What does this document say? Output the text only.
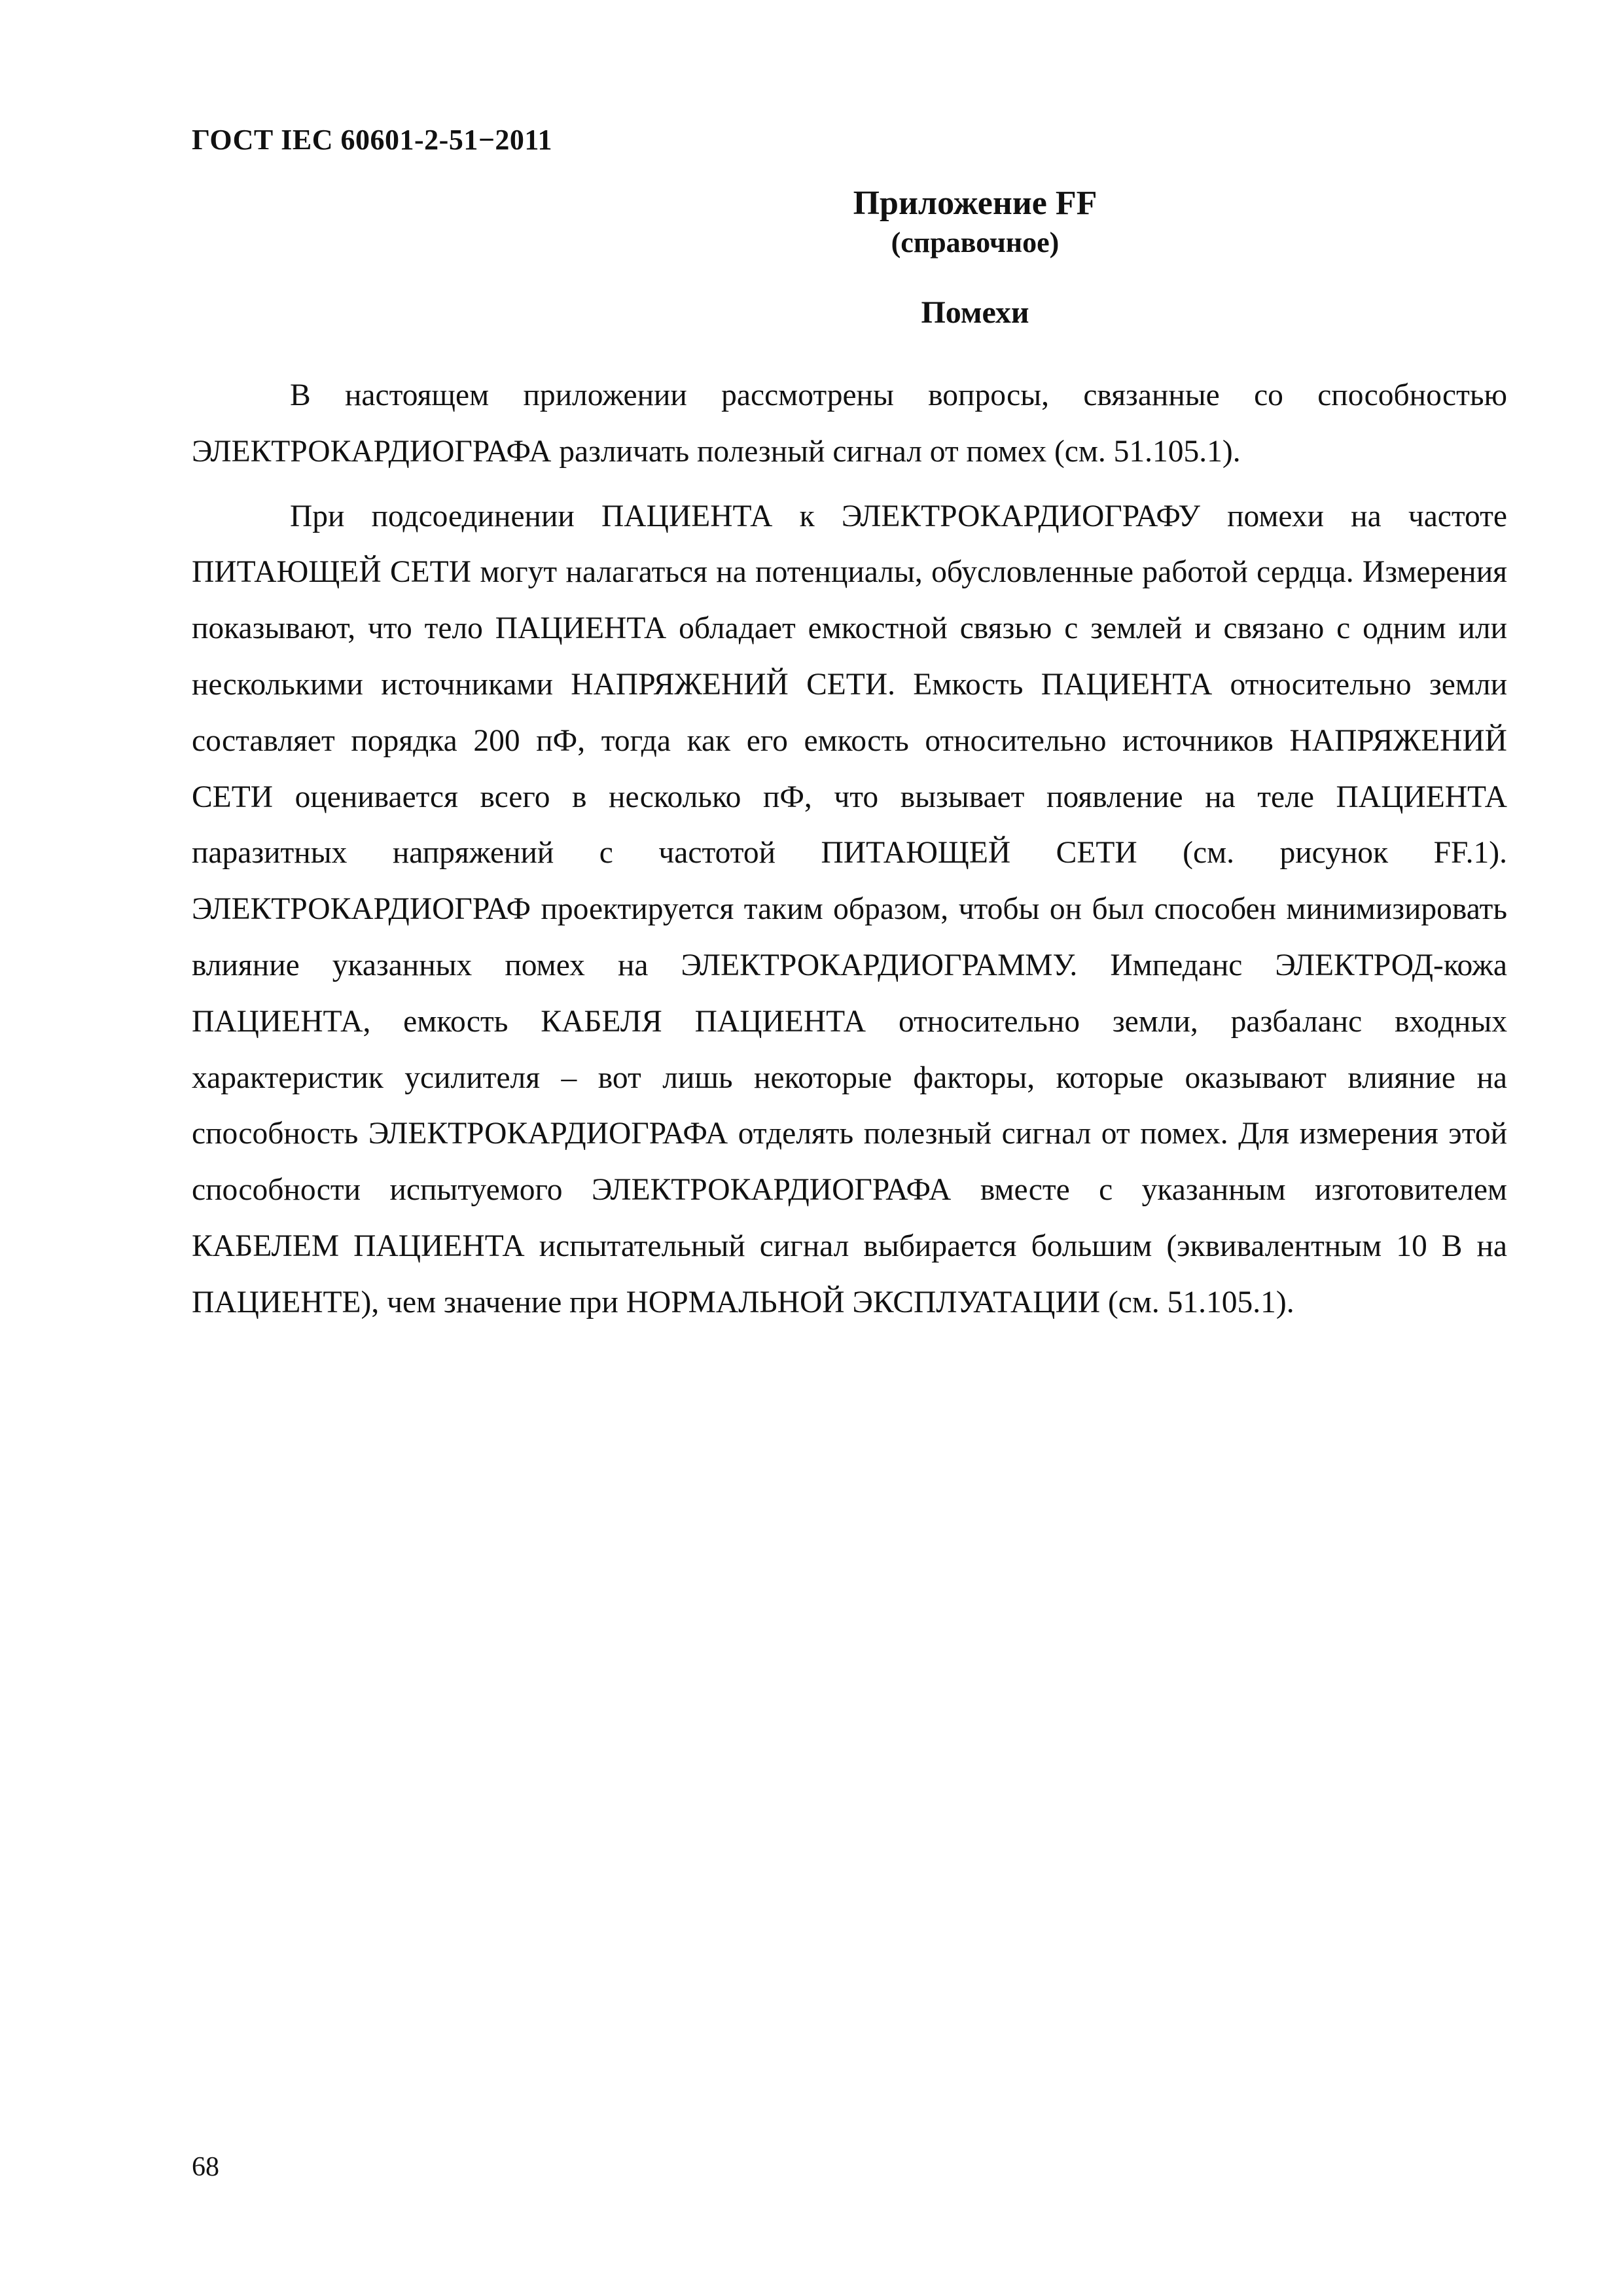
ГОСТ IEC 60601-2-51−2011
Приложение FF
(справочное)
Помехи

В настоящем приложении рассмотрены вопросы, связанные со способностью ЭЛЕКТРОКАРДИОГРАФА различать полезный сигнал от помех (см. 51.105.1).

При подсоединении ПАЦИЕНТА к ЭЛЕКТРОКАРДИОГРАФУ помехи на частоте ПИТАЮЩЕЙ СЕТИ могут налагаться на потенциалы, обусловленные работой сердца. Измерения показывают, что тело ПАЦИЕНТА обладает емкостной связью с землей и связано с одним или несколькими источниками НАПРЯЖЕНИЙ СЕТИ. Емкость ПАЦИЕНТА относительно земли составляет порядка 200 пФ, тогда как его емкость относительно источников НАПРЯЖЕНИЙ СЕТИ оценивается всего в несколько пФ, что вызывает появление на теле ПАЦИЕНТА паразитных напряжений с частотой ПИТАЮЩЕЙ СЕТИ (см. рисунок FF.1). ЭЛЕКТРОКАРДИОГРАФ проектируется таким образом, чтобы он был способен минимизировать влияние указанных помех на ЭЛЕКТРОКАРДИОГРАММУ. Импеданс ЭЛЕКТРОД-кожа ПАЦИЕНТА, емкость КАБЕЛЯ ПАЦИЕНТА относительно земли, разбаланс входных характеристик усилителя – вот лишь некоторые факторы, которые оказывают влияние на способность ЭЛЕКТРОКАРДИОГРАФА отделять полезный сигнал от помех. Для измерения этой способности испытуемого ЭЛЕКТРОКАРДИОГРАФА вместе с указанным изготовителем КАБЕЛЕМ ПАЦИЕНТА испытательный сигнал выбирается большим (эквивалентным 10 В на ПАЦИЕНТЕ), чем значение при НОРМАЛЬНОЙ ЭКСПЛУАТАЦИИ (см. 51.105.1).

68
